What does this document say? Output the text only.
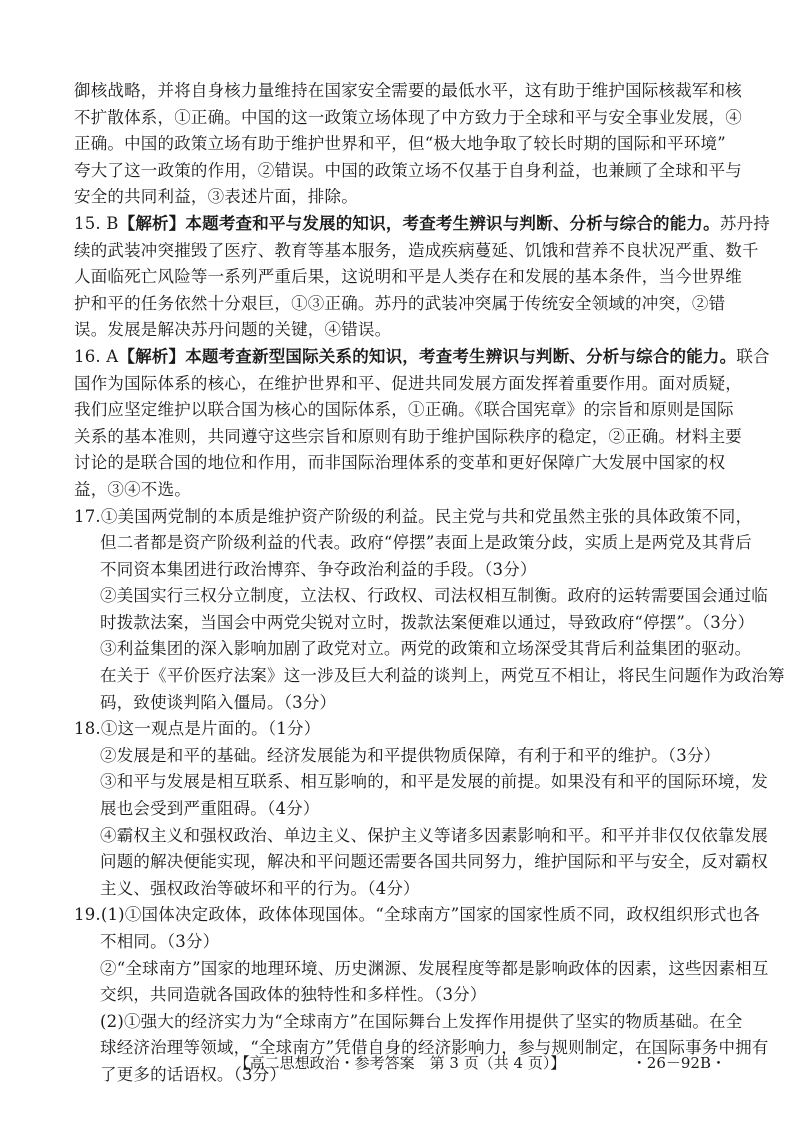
御核战略，并将自身核力量维持在国家安全需要的最低水平，这有助于维护国际核裁军和核
不扩散体系，①正确。中国的这一政策立场体现了中方致力于全球和平与安全事业发展，④
正确。中国的政策立场有助于维护世界和平，但“极大地争取了较长时期的国际和平环境”
夸大了这一政策的作用，②错误。中国的政策立场不仅基于自身利益，也兼顾了全球和平与
安全的共同利益，③表述片面，排除。
15. B【解析】本题考查和平与发展的知识，考查考生辨识与判断、分析与综合的能力。苏丹持
续的武装冲突摧毁了医疗、教育等基本服务，造成疾病蔓延、饥饿和营养不良状况严重、数千
人面临死亡风险等一系列严重后果，这说明和平是人类存在和发展的基本条件，当今世界维
护和平的任务依然十分艰巨，①③正确。苏丹的武装冲突属于传统安全领域的冲突，②错
误。发展是解决苏丹问题的关键，④错误。
16. A【解析】本题考查新型国际关系的知识，考查考生辨识与判断、分析与综合的能力。联合
国作为国际体系的核心，在维护世界和平、促进共同发展方面发挥着重要作用。面对质疑，
我们应坚定维护以联合国为核心的国际体系，①正确。《联合国宪章》的宗旨和原则是国际
关系的基本准则，共同遵守这些宗旨和原则有助于维护国际秩序的稳定，②正确。材料主要
讨论的是联合国的地位和作用，而非国际治理体系的变革和更好保障广大发展中国家的权
益，③④不选。
17.①美国两党制的本质是维护资产阶级的利益。民主党与共和党虽然主张的具体政策不同，
但二者都是资产阶级利益的代表。政府“停摆”表面上是政策分歧，实质上是两党及其背后
不同资本集团进行政治博弈、争夺政治利益的手段。（3分）
②美国实行三权分立制度，立法权、行政权、司法权相互制衡。政府的运转需要国会通过临
时拨款法案，当国会中两党尖锐对立时，拨款法案便难以通过，导致政府“停摆”。（3分）
③利益集团的深入影响加剧了政党对立。两党的政策和立场深受其背后利益集团的驱动。
在关于《平价医疗法案》这一涉及巨大利益的谈判上，两党互不相让，将民生问题作为政治筹
码，致使谈判陷入僵局。（3分）
18.①这一观点是片面的。（1分）
②发展是和平的基础。经济发展能为和平提供物质保障，有利于和平的维护。（3分）
③和平与发展是相互联系、相互影响的，和平是发展的前提。如果没有和平的国际环境，发
展也会受到严重阻碍。（4分）
④霸权主义和强权政治、单边主义、保护主义等诸多因素影响和平。和平并非仅仅依靠发展
问题的解决便能实现，解决和平问题还需要各国共同努力，维护国际和平与安全，反对霸权
主义、强权政治等破坏和平的行为。（4分）
19.(1)①国体决定政体，政体体现国体。“全球南方”国家的国家性质不同，政权组织形式也各
不相同。（3分）
②“全球南方”国家的地理环境、历史渊源、发展程度等都是影响政体的因素，这些因素相互
交织，共同造就各国政体的独特性和多样性。（3分）
(2)①强大的经济实力为“全球南方”在国际舞台上发挥作用提供了坚实的物质基础。在全
球经济治理等领域，“全球南方”凭借自身的经济影响力，参与规则制定，在国际事务中拥有
了更多的话语权。（3分）
【高二思想政治・参考答案　第 3 页（共 4 页）】	・26－92B・
